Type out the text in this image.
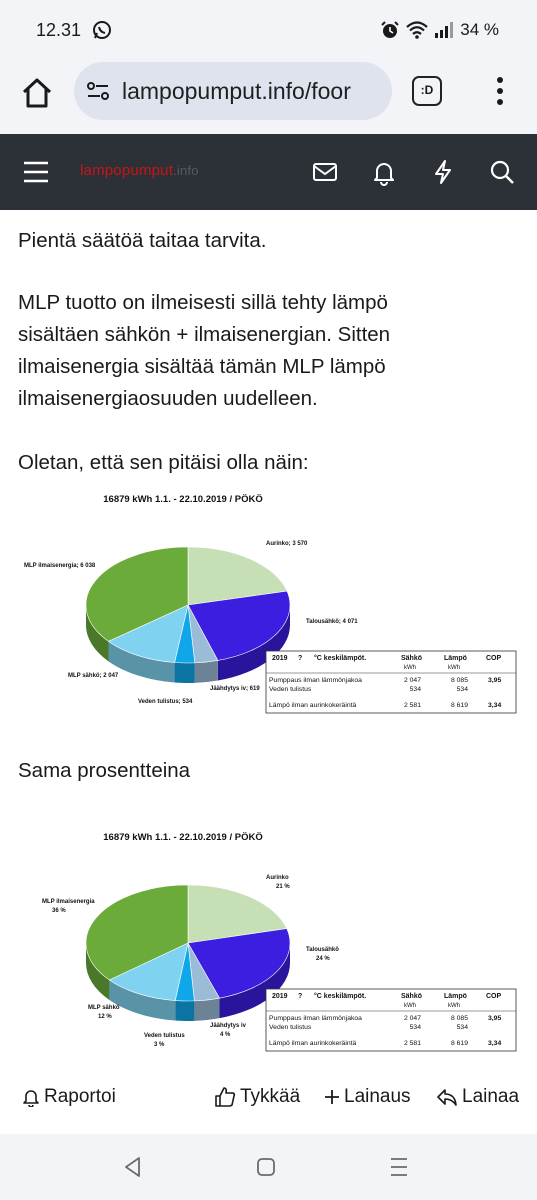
12.31	34 %
lampopumput.info/foor	:D
lampopumput.info
Pientä säätöä taitaa tarvita.
MLP tuotto on ilmeisesti sillä tehty lämpö
sisältäen sähkön + ilmaisenergian. Sitten
ilmaisenergia sisältää tämän MLP lämpö
ilmaisenergiaosuuden uudelleen.
Oletan, että sen pitäisi olla näin:
16879 kWh 1.1. - 22.10.2019 / PÖKÖ
Aurinko; 3 570
Talousähkö; 4 071
Jäähdytys iv; 619
Veden tulistus; 534
MLP sähkö; 2 047
MLP ilmaisenergia; 6 038
2019 ? °C keskilämpöt.	Sähkö	Lämpö	COP
kWh	kWh
Pumppaus ilman lämmönjakoa	2 047	8 085	3,95
Veden tulistus	534	534
Lämpö ilman aurinkokeräintä	2 581	8 619	3,34
Sama prosentteina
16879 kWh 1.1. - 22.10.2019 / PÖKÖ
Aurinko
21 %
Talousähkö
24 %
Jäähdytys iv
4 %
Veden tulistus
3 %
MLP sähkö
12 %
MLP ilmaisenergia
36 %
2019 ? °C keskilämpöt.	Sähkö	Lämpö	COP
kWh	kWh
Pumppaus ilman lämmönjakoa	2 047	8 085	3,95
Veden tulistus	534	534
Lämpö ilman aurinkokeräintä	2 581	8 619	3,34
Raportoi	Tykkää Lainaus	Lainaa
